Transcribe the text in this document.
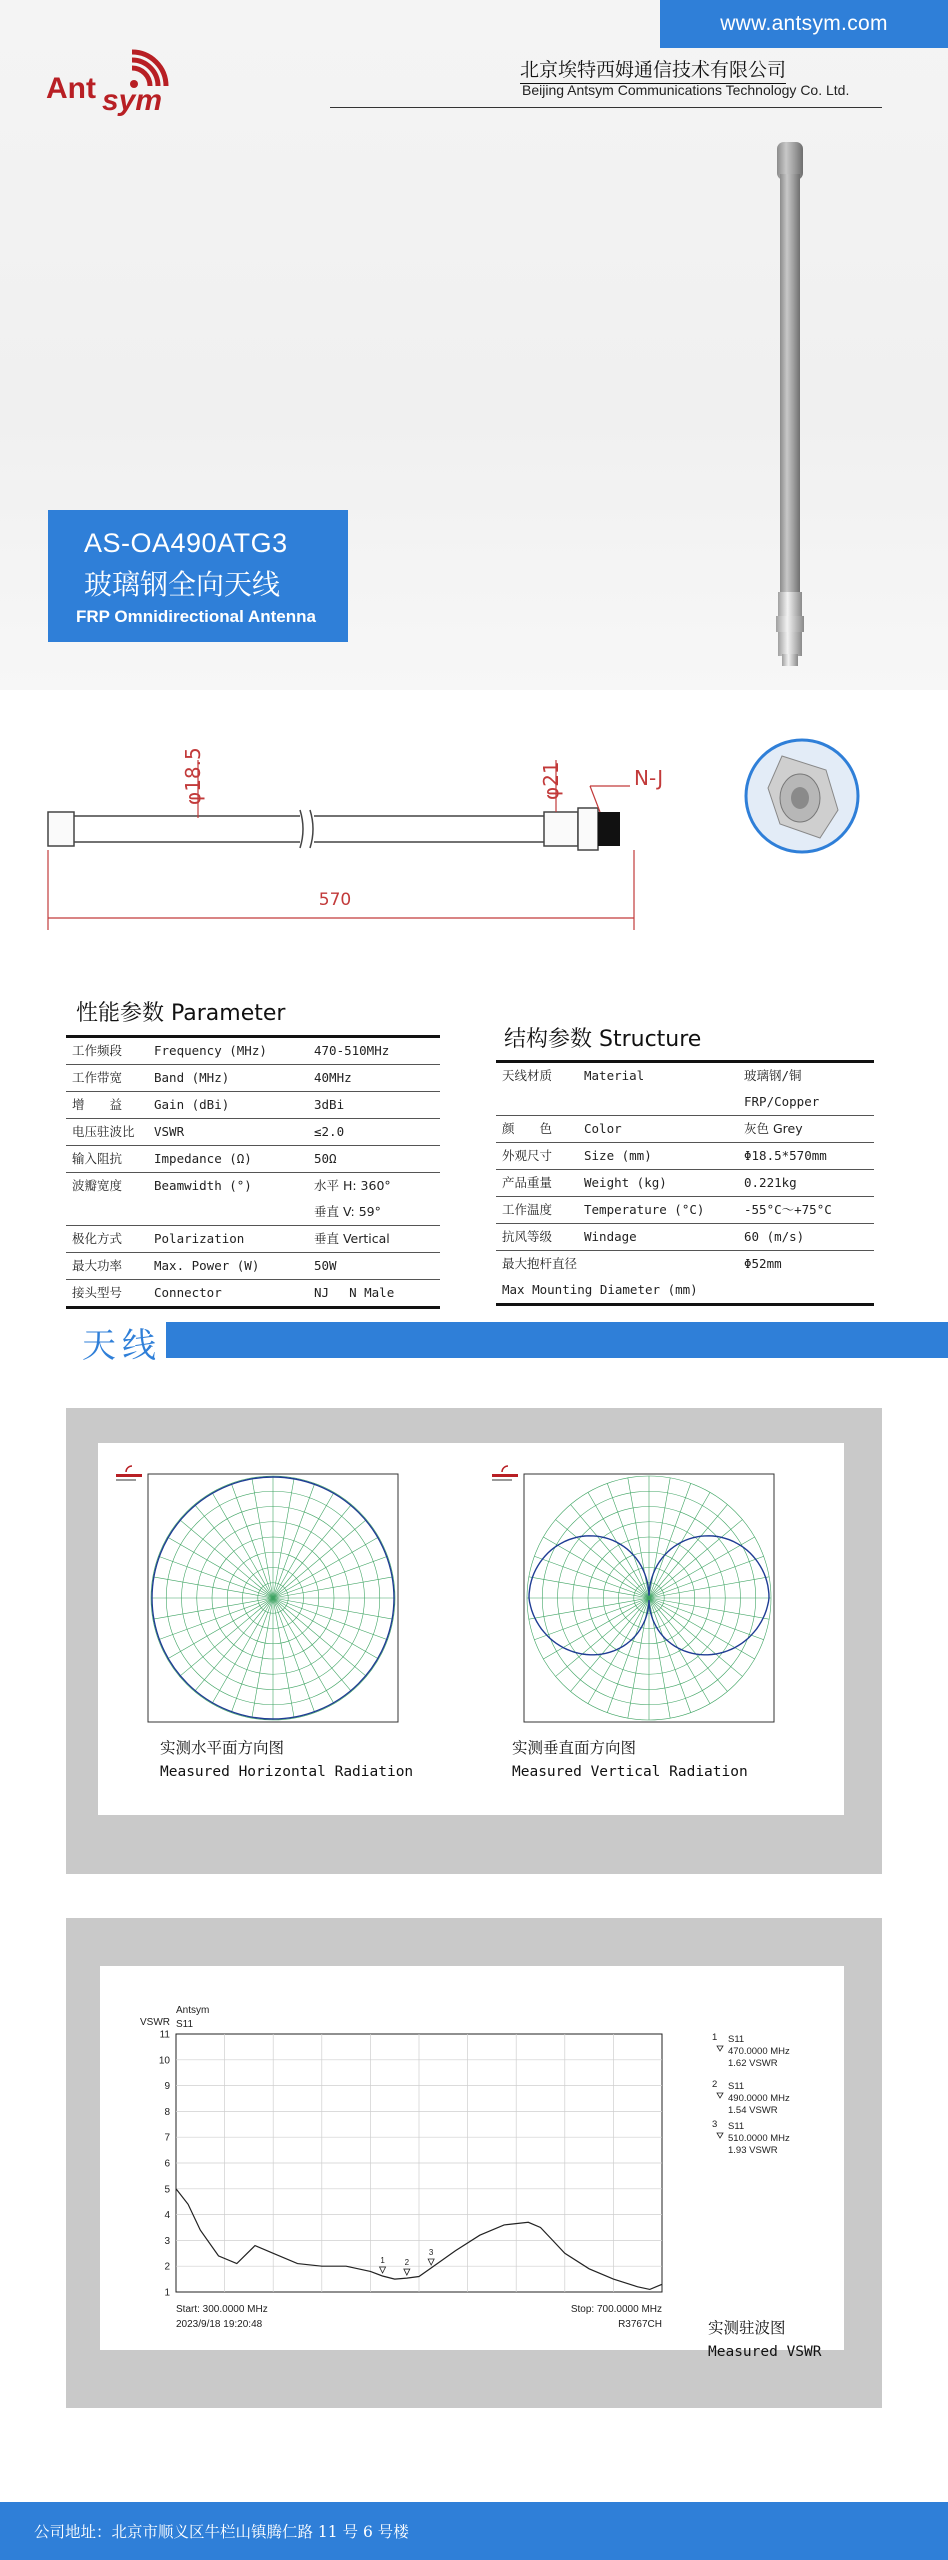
www.antsym.com
Ant sym
北京埃特西姆通信技术有限公司
Beijing Antsym Communications Technology Co. Ltd.
AS-OA490ATG3
玻璃钢全向天线
FRP Omnidirectional Antenna
φ18.5	φ21	N-J
570
性能参数 Parameter
工作频段	Frequency (MHz)	470-510MHz
工作带宽	Band (MHz)	40MHz
增　　益	Gain (dBi)	3dBi
电压驻波比	VSWR	≤2.0
输入阻抗	Impedance (Ω)	50Ω
波瓣宽度	Beamwidth (°)	水平 H: 360°
垂直 V: 59°

极化方式	Polarization	垂直 Vertical
最大功率	Max. Power (W)	50W
接头型号	Connector	NJ　 N Male
结构参数 Structure
天线材质	Material	玻璃钢/铜
FRP/Copper

颜　　色	Color	灰色 Grey
外观尺寸	Size (mm)	Φ18.5*570mm
产品重量	Weight (kg)	0.221kg
工作温度	Temperature (°C)	-55°C～+75°C
抗风等级	Windage	60 (m/s)

最大抱杆直径
Max Mounting Diameter (mm)		Φ52mm
天线
实测水平面方向图
Measured Horizontal Radiation
实测垂直面方向图
Measured Vertical Radiation
Antsym
VSWR S11
11
10
9
8
7
6
5
4
3
2
1
1 2
3
Start: 300.0000 MHz
2023/9/18 19:20:48
Stop: 700.0000 MHz
R3767CH
1 S11
470.0000 MHz
1.62 VSWR
2 S11
490.0000 MHz
1.54 VSWR
3 S11
510.0000 MHz
1.93 VSWR
实测驻波图
Measured VSWR
公司地址：北京市顺义区牛栏山镇腾仁路 11 号 6 号楼
